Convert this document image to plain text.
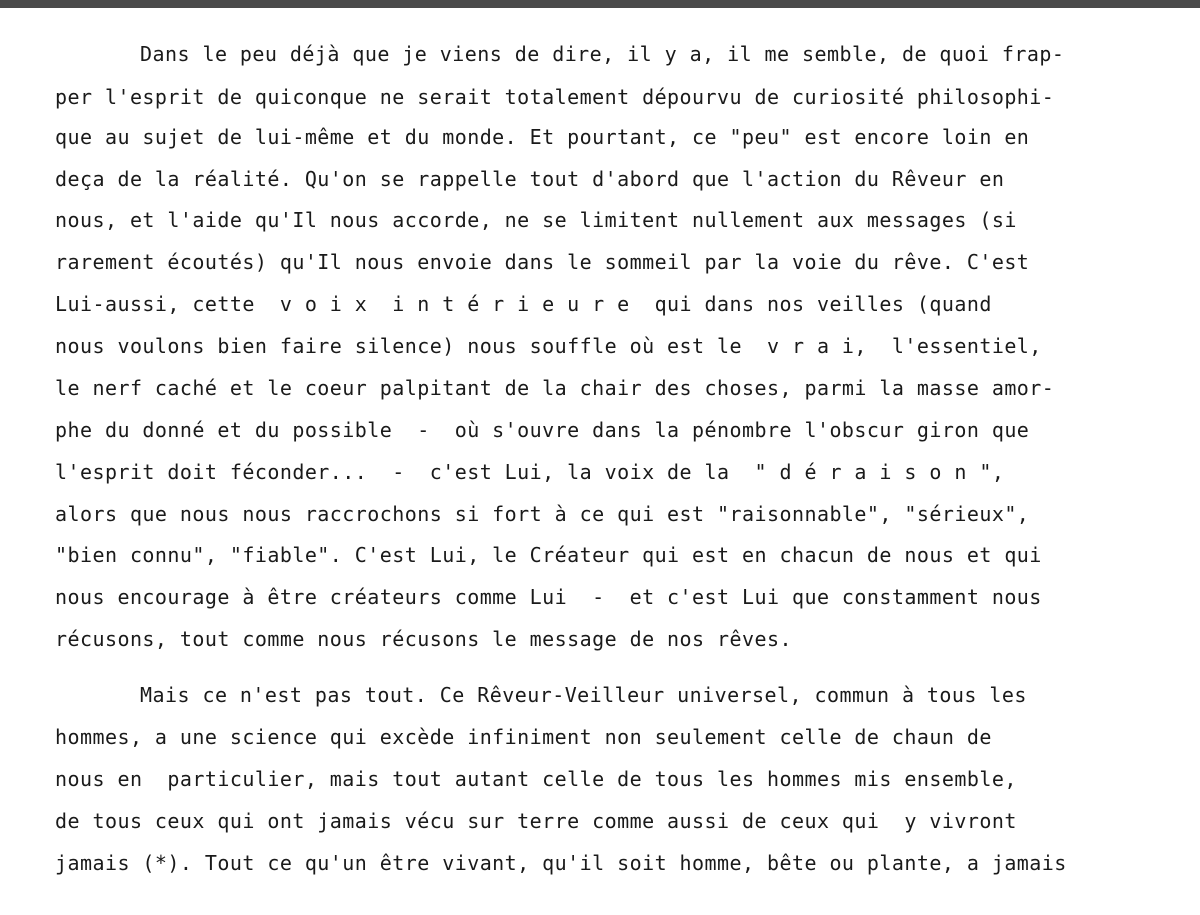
Dans le peu déjà que je viens de dire, il y a, il me semble, de quoi frap-
per l'esprit de quiconque ne serait totalement dépourvu de curiosité philosophi-
que au sujet de lui-même et du monde. Et pourtant, ce "peu" est encore loin en
deça de la réalité. Qu'on se rappelle tout d'abord que l'action du Rêveur en
nous, et l'aide qu'Il nous accorde, ne se limitent nullement aux messages (si
rarement écoutés) qu'Il nous envoie dans le sommeil par la voie du rêve. C'est
Lui-aussi, cette  v o i x  i n t é r i e u r e  qui dans nos veilles (quand
nous voulons bien faire silence) nous souffle où est le  v r a i,  l'essentiel,
le nerf caché et le coeur palpitant de la chair des choses, parmi la masse amor-
phe du donné et du possible  -  où s'ouvre dans la pénombre l'obscur giron que
l'esprit doit féconder...  -  c'est Lui, la voix de la  " d é r a i s o n ",
alors que nous nous raccrochons si fort à ce qui est "raisonnable", "sérieux",
"bien connu", "fiable". C'est Lui, le Créateur qui est en chacun de nous et qui
nous encourage à être créateurs comme Lui  -  et c'est Lui que constamment nous
récusons, tout comme nous récusons le message de nos rêves.
Mais ce n'est pas tout. Ce Rêveur-Veilleur universel, commun à tous les
hommes, a une science qui excède infiniment non seulement celle de chaun de
nous en  particulier, mais tout autant celle de tous les hommes mis ensemble,
de tous ceux qui ont jamais vécu sur terre comme aussi de ceux qui  y vivront
jamais (*). Tout ce qu'un être vivant, qu'il soit homme, bête ou plante, a jamais
